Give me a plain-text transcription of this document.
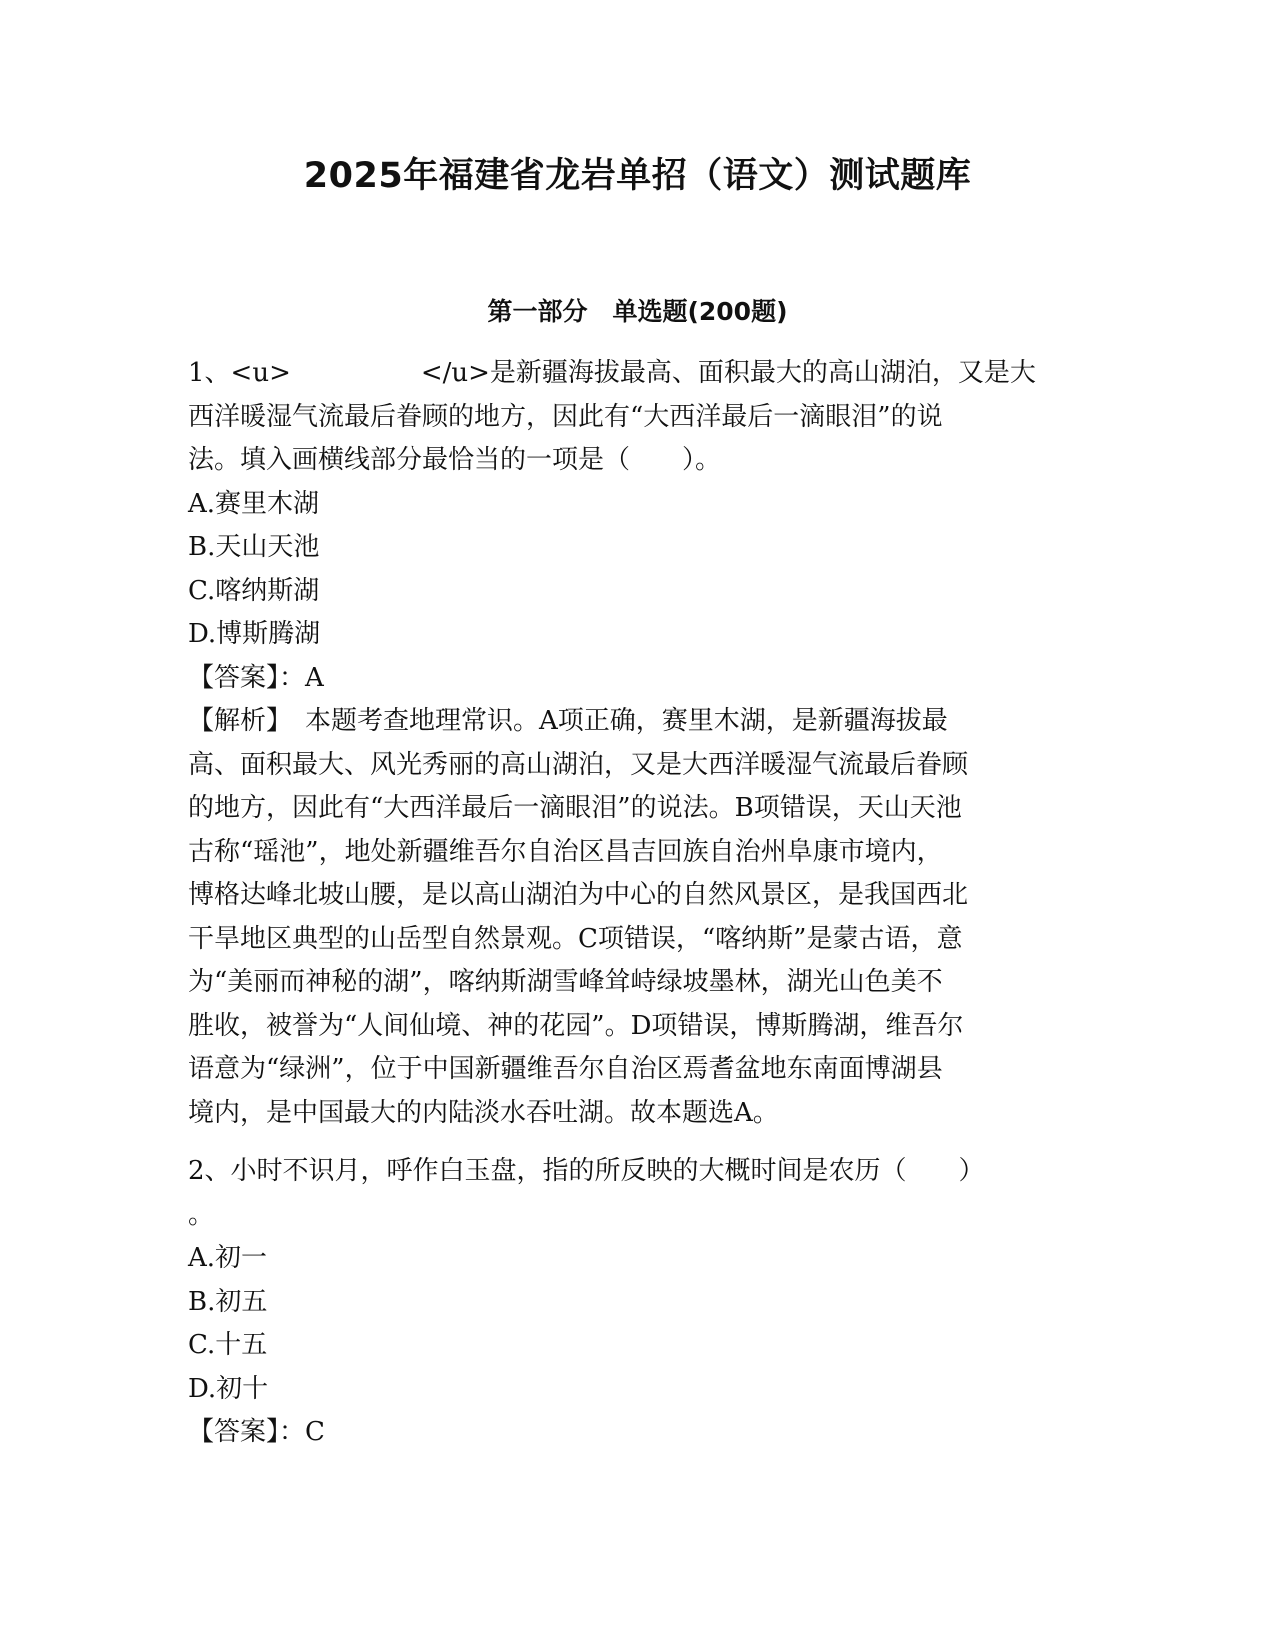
2025年福建省龙岩单招（语文）测试题库
第一部分　单选题(200题)
1、<u>　　　　　</u>是新疆海拔最高、面积最大的高山湖泊，又是大
西洋暖湿气流最后眷顾的地方，因此有“大西洋最后一滴眼泪”的说
法。填入画横线部分最恰当的一项是（　　）。
A.赛里木湖
B.天山天池
C.喀纳斯湖
D.博斯腾湖
【答案】：A
【解析】　本题考查地理常识。A项正确，赛里木湖，是新疆海拔最
高、面积最大、风光秀丽的高山湖泊，又是大西洋暖湿气流最后眷顾
的地方，因此有“大西洋最后一滴眼泪”的说法。B项错误，天山天池
古称“瑶池”，地处新疆维吾尔自治区昌吉回族自治州阜康市境内，
博格达峰北坡山腰，是以高山湖泊为中心的自然风景区，是我国西北
干旱地区典型的山岳型自然景观。C项错误，“喀纳斯”是蒙古语，意
为“美丽而神秘的湖”，喀纳斯湖雪峰耸峙绿坡墨林，湖光山色美不
胜收，被誉为“人间仙境、神的花园”。D项错误，博斯腾湖，维吾尔
语意为“绿洲”，位于中国新疆维吾尔自治区焉耆盆地东南面博湖县
境内，是中国最大的内陆淡水吞吐湖。故本题选A。
2、小时不识月，呼作白玉盘，指的所反映的大概时间是农历（　　）
。
A.初一
B.初五
C.十五
D.初十
【答案】：C
